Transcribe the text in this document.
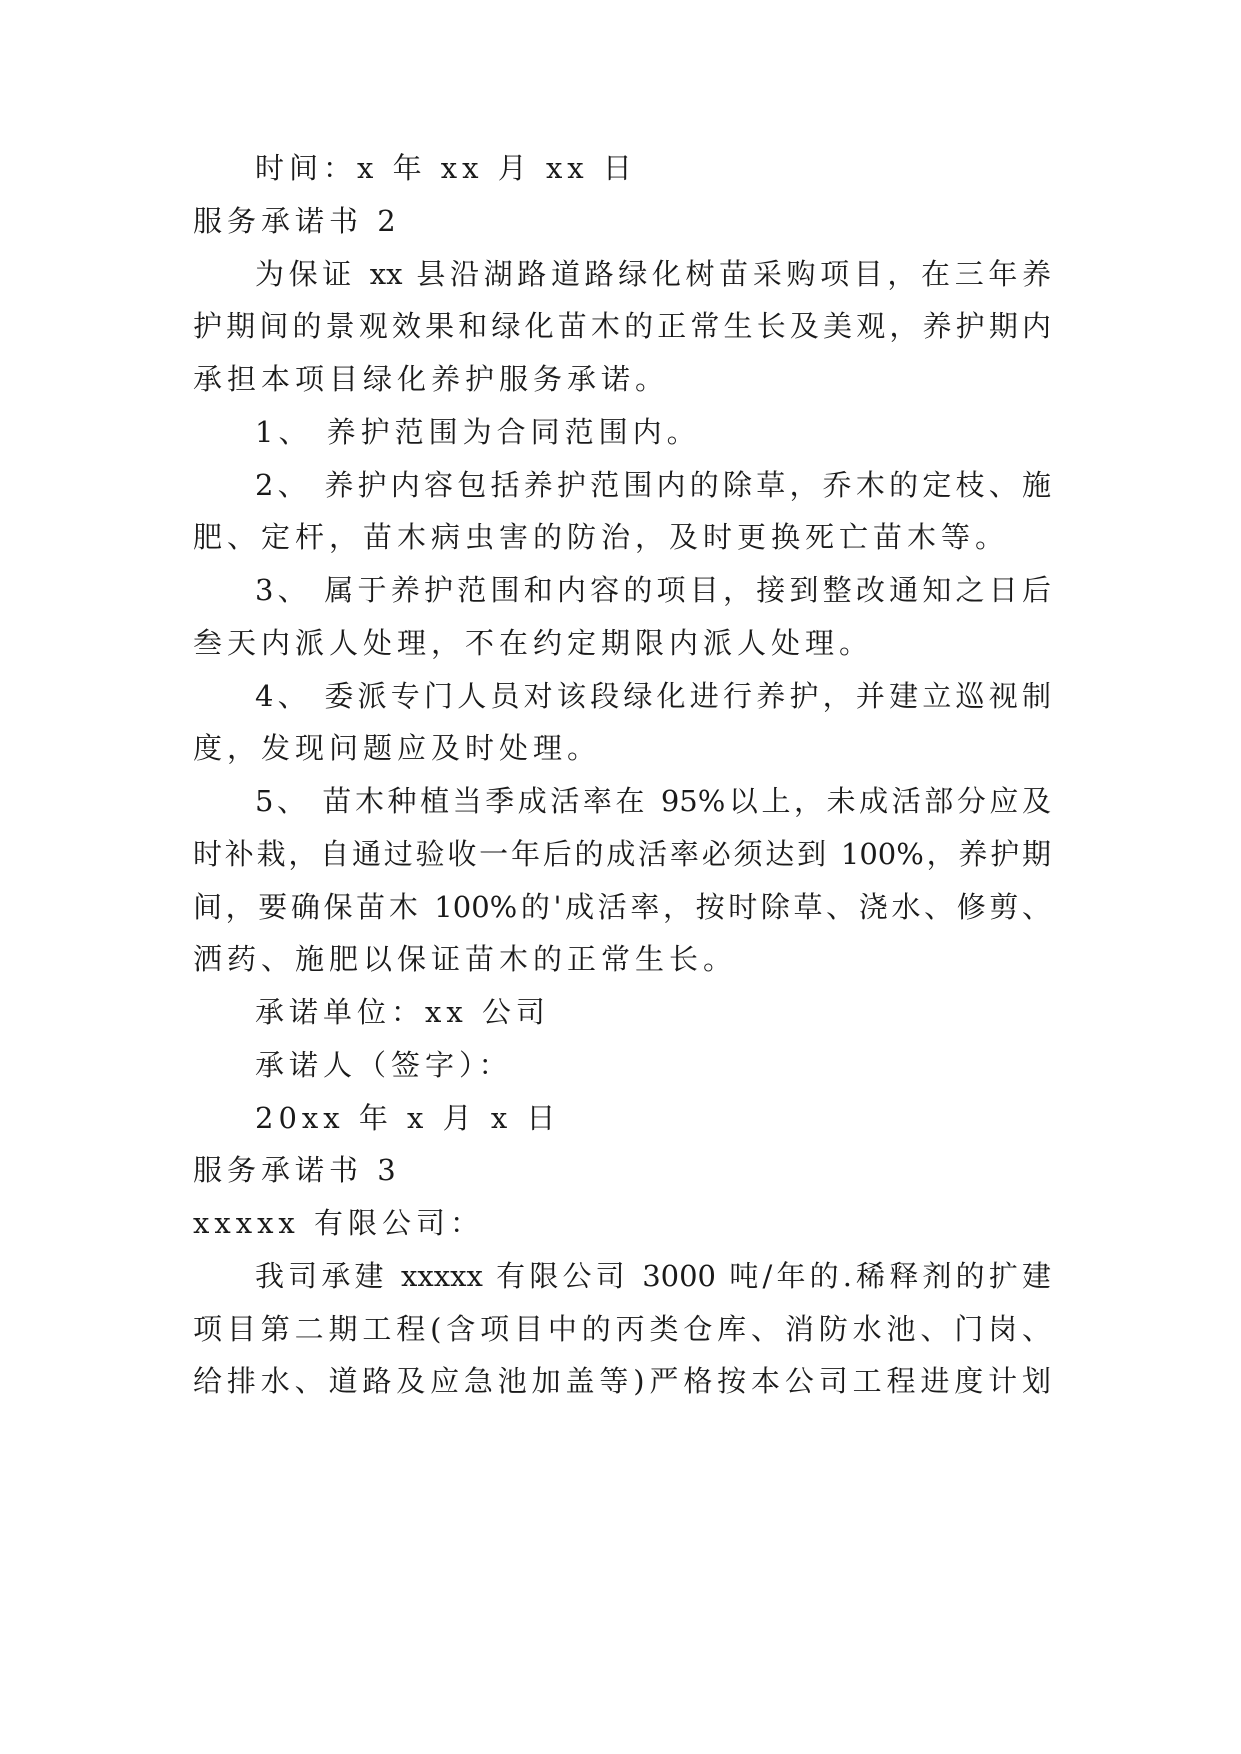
时间：x 年 xx 月 xx 日
服务承诺书 2
为保证 xx 县沿湖路道路绿化树苗采购项目，在三年养
护期间的景观效果和绿化苗木的正常生长及美观，养护期内
承担本项目绿化养护服务承诺。
1、 养护范围为合同范围内。
2、 养护内容包括养护范围内的除草，乔木的定枝、施
肥、定杆，苗木病虫害的防治，及时更换死亡苗木等。
3、 属于养护范围和内容的项目，接到整改通知之日后
叁天内派人处理，不在约定期限内派人处理。
4、 委派专门人员对该段绿化进行养护，并建立巡视制
度，发现问题应及时处理。
5、 苗木种植当季成活率在 95%以上，未成活部分应及
时补栽，自通过验收一年后的成活率必须达到 100%，养护期
间，要确保苗木 100%的'成活率，按时除草、浇水、修剪、
洒药、施肥以保证苗木的正常生长。
承诺单位：xx 公司
承诺人（签字）：
20xx 年 x 月 x 日
服务承诺书 3
xxxxx 有限公司：
我司承建 xxxxx 有限公司 3000 吨/年的.稀释剂的扩建
项目第二期工程(含项目中的丙类仓库、消防水池、门岗、
给排水、道路及应急池加盖等)严格按本公司工程进度计划
